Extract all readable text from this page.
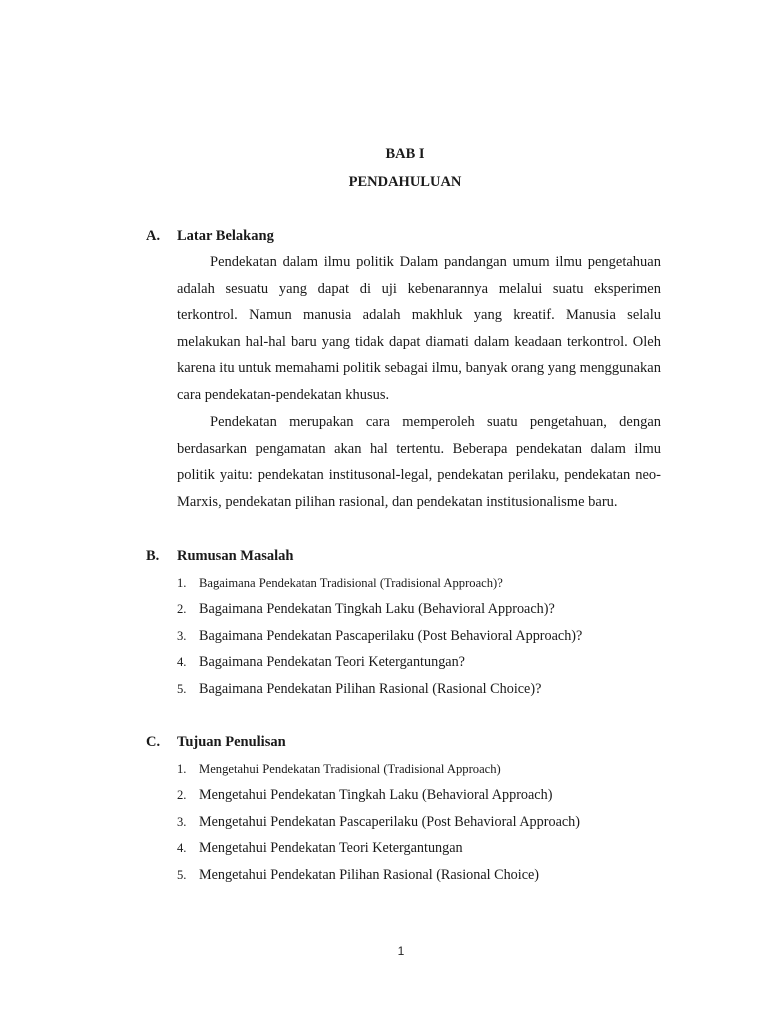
BAB I
PENDAHULUAN
A. Latar Belakang

Pendekatan dalam ilmu politik Dalam pandangan umum ilmu pengetahuan adalah sesuatu yang dapat di uji kebenarannya melalui suatu eksperimen terkontrol. Namun manusia adalah makhluk yang kreatif. Manusia selalu melakukan hal-hal baru yang tidak dapat diamati dalam keadaan terkontrol. Oleh karena itu untuk memahami politik sebagai ilmu, banyak orang yang menggunakan cara pendekatan-pendekatan khusus.

Pendekatan merupakan cara memperoleh suatu pengetahuan, dengan berdasarkan pengamatan akan hal tertentu. Beberapa pendekatan dalam ilmu politik yaitu: pendekatan institusonal-legal, pendekatan perilaku, pendekatan neo-Marxis, pendekatan pilihan rasional, dan pendekatan institusionalisme baru.

B. Rumusan Masalah
1. Bagaimana Pendekatan Tradisional (Tradisional Approach)?
2. Bagaimana Pendekatan Tingkah Laku (Behavioral Approach)?
3. Bagaimana Pendekatan Pascaperilaku (Post Behavioral Approach)?
4. Bagaimana Pendekatan Teori Ketergantungan?
5. Bagaimana Pendekatan Pilihan Rasional (Rasional Choice)?
C. Tujuan Penulisan
1. Mengetahui Pendekatan Tradisional (Tradisional Approach)
2. Mengetahui Pendekatan Tingkah Laku (Behavioral Approach)
3. Mengetahui Pendekatan Pascaperilaku (Post Behavioral Approach)
4. Mengetahui Pendekatan Teori Ketergantungan
5. Mengetahui Pendekatan Pilihan Rasional (Rasional Choice)
1
